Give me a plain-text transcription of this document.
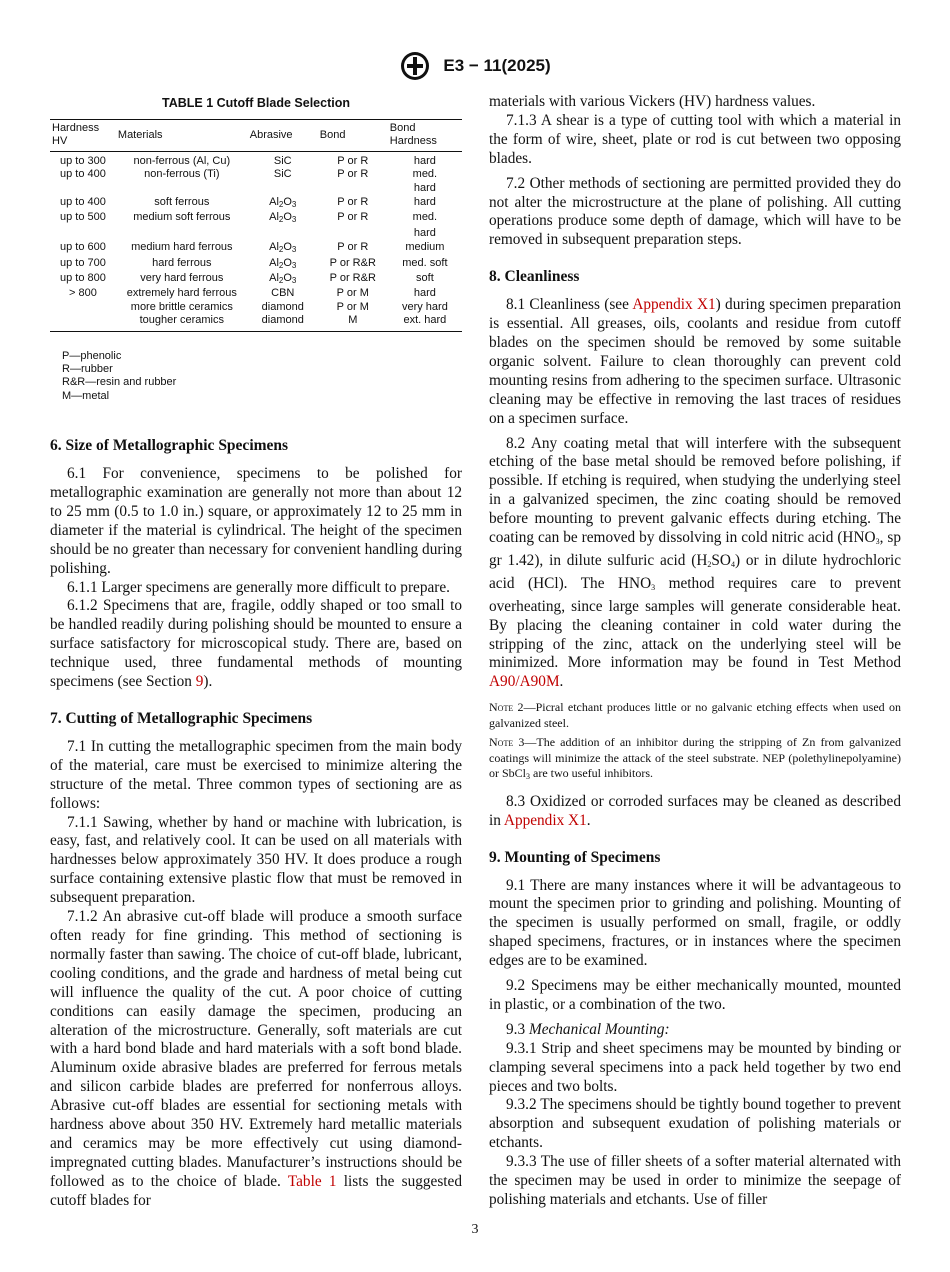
E3 − 11(2025)
TABLE 1 Cutoff Blade Selection
Hardness HV	Materials	Abrasive	Bond	Bond Hardness
up to 300	non-ferrous (Al, Cu)	SiC	P or R	hard
up to 400	non-ferrous (Ti)	SiC	P or R	med.
				hard
up to 400	soft ferrous	$Al_2O_3$	P or R	hard
up to 500	medium soft ferrous	$Al_2O_3$	P or R	med.
				hard
up to 600	medium hard ferrous	$Al_2O_3$	P or R	medium
up to 700	hard ferrous	$Al_2O_3$	P or R&R	med. soft
up to 800	very hard ferrous	$Al_2O_3$	P or R&R	soft
> 800	extremely hard ferrous	CBN	P or M	hard
	more brittle ceramics	diamond	P or M	very hard
	tougher ceramics	diamond	M	ext. hard
P—phenolic
R—rubber
R&R—resin and rubber
M—metal
6. Size of Metallographic Specimens

6.1 For convenience, specimens to be polished for metallographic examination are generally not more than about 12 to 25 mm (0.5 to 1.0 in.) square, or approximately 12 to 25 mm in diameter if the material is cylindrical. The height of the specimen should be no greater than necessary for convenient handling during polishing.

6.1.1 Larger specimens are generally more difficult to prepare.

6.1.2 Specimens that are, fragile, oddly shaped or too small to be handled readily during polishing should be mounted to ensure a surface satisfactory for microscopical study. There are, based on technique used, three fundamental methods of mounting specimens (see Section 9).

7. Cutting of Metallographic Specimens

7.1 In cutting the metallographic specimen from the main body of the material, care must be exercised to minimize altering the structure of the metal. Three common types of sectioning are as follows:

7.1.1 Sawing, whether by hand or machine with lubrication, is easy, fast, and relatively cool. It can be used on all materials with hardnesses below approximately 350 HV. It does produce a rough surface containing extensive plastic flow that must be removed in subsequent preparation.

7.1.2 An abrasive cut-off blade will produce a smooth surface often ready for fine grinding. This method of sectioning is normally faster than sawing. The choice of cut-off blade, lubricant, cooling conditions, and the grade and hardness of metal being cut will influence the quality of the cut. A poor choice of cutting conditions can easily damage the specimen, producing an alteration of the microstructure. Generally, soft materials are cut with a hard bond blade and hard materials with a soft bond blade. Aluminum oxide abrasive blades are preferred for ferrous metals and silicon carbide blades are preferred for nonferrous alloys. Abrasive cut-off blades are essential for sectioning metals with hardness above about 350 HV. Extremely hard metallic materials and ceramics may be more effectively cut using diamond-impregnated cutting blades. Manufacturer’s instructions should be followed as to the choice of blade. Table 1 lists the suggested cutoff blades for

materials with various Vickers (HV) hardness values.

7.1.3 A shear is a type of cutting tool with which a material in the form of wire, sheet, plate or rod is cut between two opposing blades.

7.2 Other methods of sectioning are permitted provided they do not alter the microstructure at the plane of polishing. All cutting operations produce some depth of damage, which will have to be removed in subsequent preparation steps.

8. Cleanliness

8.1 Cleanliness (see Appendix X1) during specimen preparation is essential. All greases, oils, coolants and residue from cutoff blades on the specimen should be removed by some suitable organic solvent. Failure to clean thoroughly can prevent cold mounting resins from adhering to the specimen surface. Ultrasonic cleaning may be effective in removing the last traces of residues on a specimen surface.

8.2 Any coating metal that will interfere with the subsequent etching of the base metal should be removed before polishing, if possible. If etching is required, when studying the underlying steel in a galvanized specimen, the zinc coating should be removed before mounting to prevent galvanic effects during etching. The coating can be removed by dissolving in cold nitric acid ($HNO_3$, sp gr 1.42), in dilute sulfuric acid $(H_2SO_4)$ or in dilute hydrochloric acid (HCl). The $HNO_3$ method requires care to prevent overheating, since large samples will generate considerable heat. By placing the cleaning container in cold water during the stripping of the zinc, attack on the underlying steel will be minimized. More information may be found in Test Method A90/A90M.

Note 2—Picral etchant produces little or no galvanic etching effects when used on galvanized steel.

Note 3—The addition of an inhibitor during the stripping of Zn from galvanized coatings will minimize the attack of the steel substrate. NEP (polethylinepolyamine) or SbCl$_3$ are two useful inhibitors.

8.3 Oxidized or corroded surfaces may be cleaned as described in Appendix X1.

9. Mounting of Specimens

9.1 There are many instances where it will be advantageous to mount the specimen prior to grinding and polishing. Mounting of the specimen is usually performed on small, fragile, or oddly shaped specimens, fractures, or in instances where the specimen edges are to be examined.

9.2 Specimens may be either mechanically mounted, mounted in plastic, or a combination of the two.

9.3 Mechanical Mounting:

9.3.1 Strip and sheet specimens may be mounted by binding or clamping several specimens into a pack held together by two end pieces and two bolts.

9.3.2 The specimens should be tightly bound together to prevent absorption and subsequent exudation of polishing materials or etchants.

9.3.3 The use of filler sheets of a softer material alternated with the specimen may be used in order to minimize the seepage of polishing materials and etchants. Use of filler

3
